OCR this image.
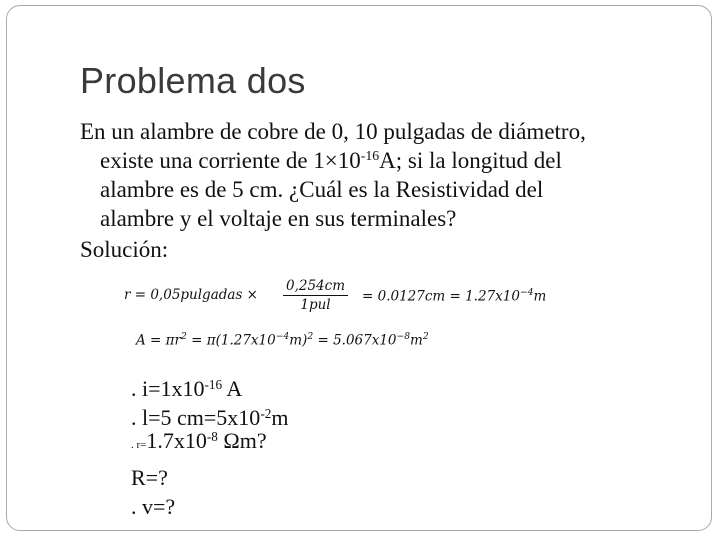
Problema dos
En un alambre de cobre de 0, 10 pulgadas de diámetro,
existe una corriente de $1\times 10^{-16}A$; si la longitud del
alambre es de 5 cm. ¿Cuál es la Resistividad del
alambre y el voltaje en sus terminales?
Solución:
r = 0,05pulgadas ×
0,254cm
1pul
= $0.0127cm = 1.27x10^{-4}m$
$A = \pi r^2 = \pi(1.27x10^{-4}m)^2 = 5.067x10^{-8}m^2$
. $i=1x10^{-16}$ A
. l=5 $cm=5x10^{-2}m$
. $r=1.7x10^{-8}$ Ωm?
R=?
. v=?
